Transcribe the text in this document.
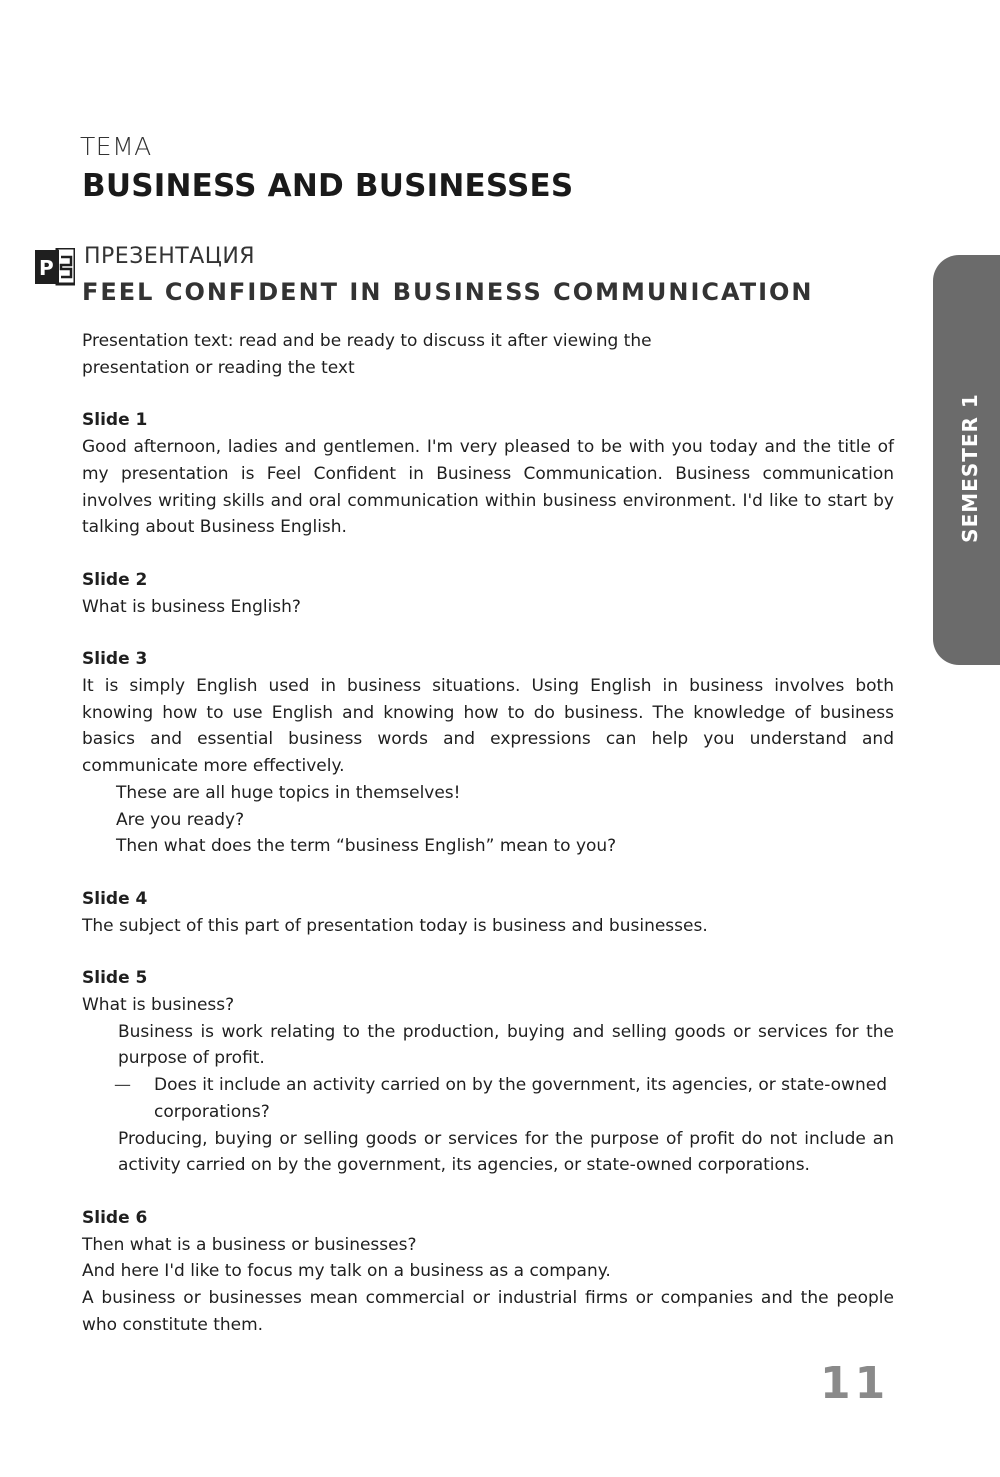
ТЕМА
BUSINESS AND BUSINESSES
P ПРЕЗЕНТАЦИЯ
FEEL CONFIDENT IN BUSINESS COMMUNICATION

Presentation text: read and be ready to discuss it after viewing the presentation or reading the text

Slide 1

Good afternoon, ladies and gentlemen. I'm very pleased to be with you today and the title of my presentation is Feel Confident in Business Communication. Business communication involves writing skills and oral communication within business environment. I'd like to start by talking about Business English.

Slide 2

What is business English?

Slide 3

It is simply English used in business situations. Using English in business involves both knowing how to use English and knowing how to do business. The knowledge of business basics and essential business words and expressions can help you understand and communicate more effectively.

These are all huge topics in themselves!

Are you ready?

Then what does the term “business English” mean to you?

Slide 4

The subject of this part of presentation today is business and businesses.

Slide 5

What is business?

Business is work relating to the production, buying and selling goods or services for the purpose of profit.

—	Does it include an activity carried on by the government, its agencies, or state-owned corporations?

Producing, buying or selling goods or services for the purpose of profit do not include an activity carried on by the government, its agencies, or state-owned corporations.

Slide 6

Then what is a business or businesses?

And here I'd like to focus my talk on a business as a company.

A business or businesses mean commercial or industrial firms or companies and the people who constitute them.

SEMESTER 1
11
